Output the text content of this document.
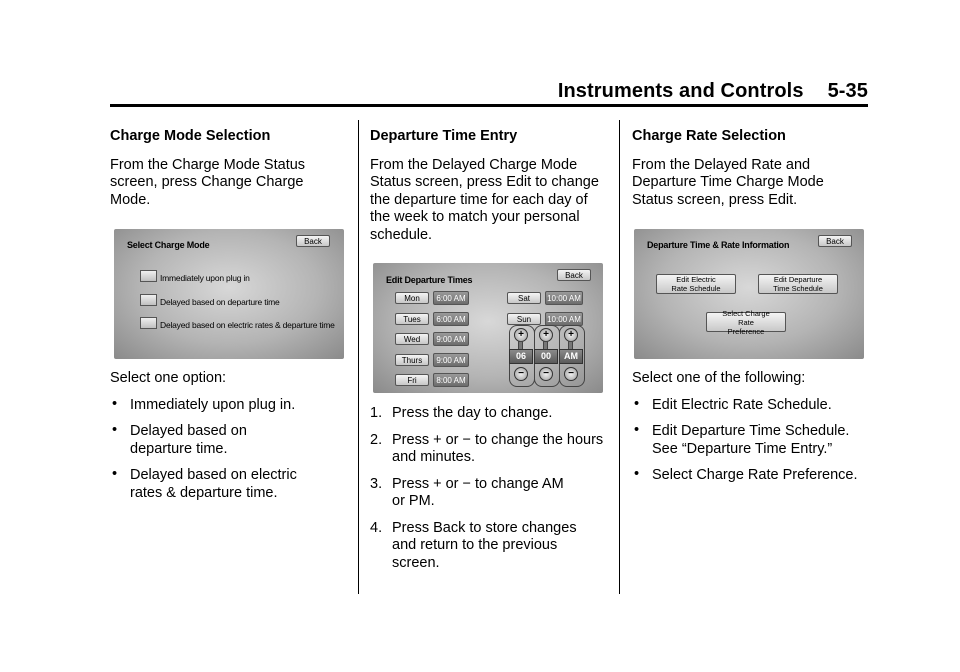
Instruments and Controls 5-35
Charge Mode Selection

From the Charge Mode Status screen, press Change Charge Mode.

Select Charge Mode	Back
Immediately upon plug in
Delayed based on departure time
Delayed based on electric rates & departure time

Select one option:

• Immediately upon plug in.
• Delayed based on departure time.
• Delayed based on electric rates & departure time.
Departure Time Entry

From the Delayed Charge Mode Status screen, press Edit to change the departure time for each day of the week to match your personal schedule.

Edit Departure Times	Back
Mon	6:00 AM
Tues	6:00 AM
Wed	9:00 AM
Thurs	9:00 AM
Fri	8:00 AM
Sat	10:00 AM
Sun	10:00 AM
+
06
−
+
00
−
+
AM
−
1. Press the day to change.
2. Press + or − to change the hours and minutes.
3. Press + or − to change AM or PM.
4. Press Back to store changes and return to the previous screen.
Charge Rate Selection

From the Delayed Rate and Departure Time Charge Mode Status screen, press Edit.

Departure Time & Rate Information	Back
Edit Electric Rate Schedule
Edit Departure Time Schedule
Select Charge Rate Preference

Select one of the following:

• Edit Electric Rate Schedule.
• Edit Departure Time Schedule. See “Departure Time Entry.”
• Select Charge Rate Preference.
